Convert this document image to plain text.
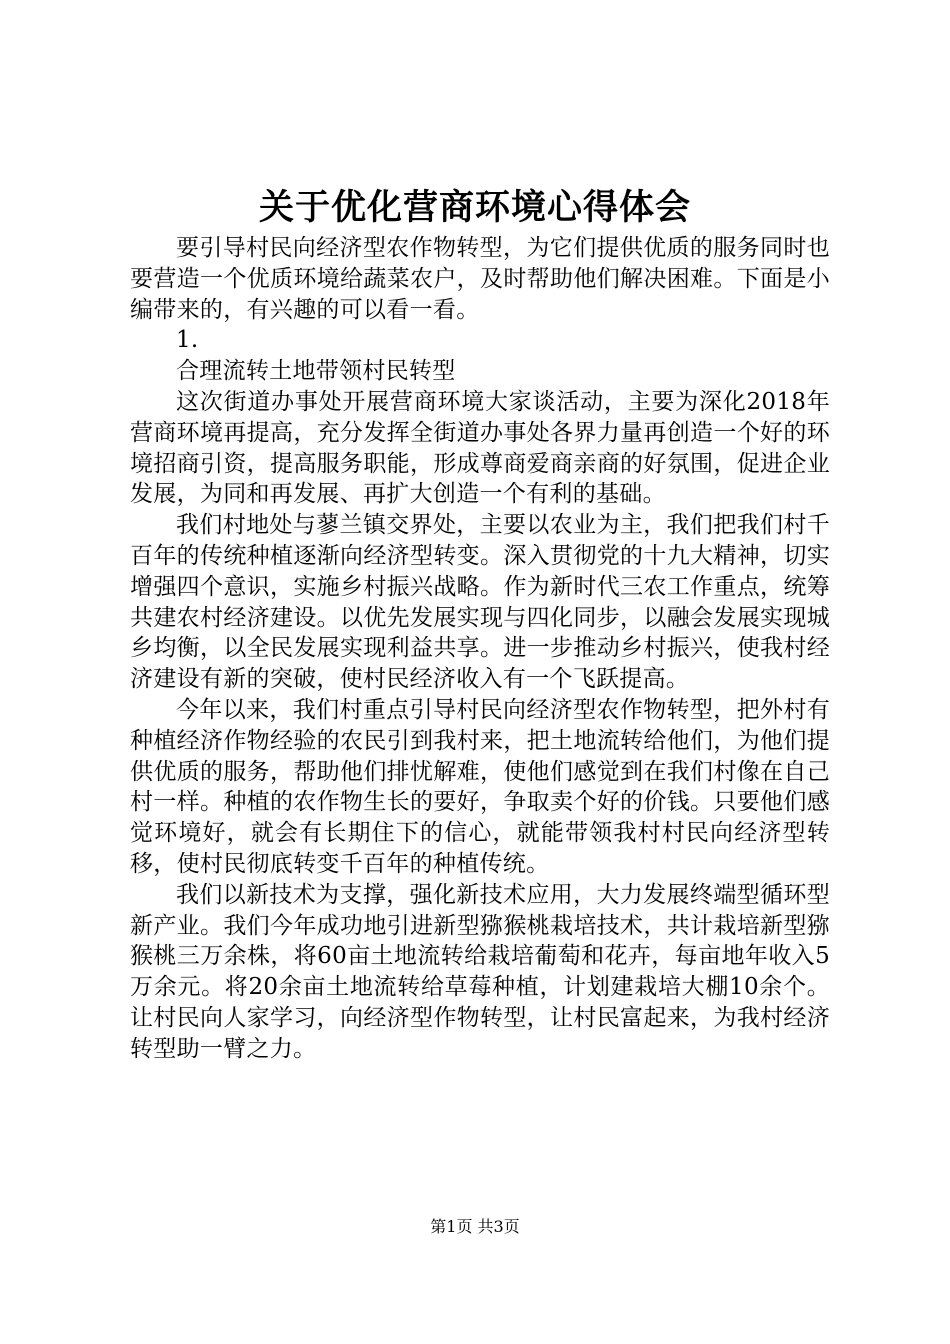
关于优化营商环境心得体会

要引导村民向经济型农作物转型，为它们提供优质的服务同时也要营造一个优质环境给蔬菜农户，及时帮助他们解决困难。下面是小编带来的，有兴趣的可以看一看。

1.

合理流转土地带领村民转型

这次街道办事处开展营商环境大家谈活动，主要为深化2018年营商环境再提高，充分发挥全街道办事处各界力量再创造一个好的环境招商引资，提高服务职能，形成尊商爱商亲商的好氛围，促进企业发展，为同和再发展、再扩大创造一个有利的基础。

我们村地处与蓼兰镇交界处，主要以农业为主，我们把我们村千百年的传统种植逐渐向经济型转变。深入贯彻党的十九大精神，切实增强四个意识，实施乡村振兴战略。作为新时代三农工作重点，统筹共建农村经济建设。以优先发展实现与四化同步，以融会发展实现城乡均衡，以全民发展实现利益共享。进一步推动乡村振兴，使我村经济建设有新的突破，使村民经济收入有一个飞跃提高。

今年以来，我们村重点引导村民向经济型农作物转型，把外村有种植经济作物经验的农民引到我村来，把土地流转给他们，为他们提供优质的服务，帮助他们排忧解难，使他们感觉到在我们村像在自己村一样。种植的农作物生长的要好，争取卖个好的价钱。只要他们感觉环境好，就会有长期住下的信心，就能带领我村村民向经济型转移，使村民彻底转变千百年的种植传统。

我们以新技术为支撑，强化新技术应用，大力发展终端型循环型新产业。我们今年成功地引进新型猕猴桃栽培技术，共计栽培新型猕猴桃三万余株，将60亩土地流转给栽培葡萄和花卉，每亩地年收入5万余元。将20余亩土地流转给草莓种植，计划建栽培大棚10余个。让村民向人家学习，向经济型作物转型，让村民富起来，为我村经济转型助一臂之力。

第1页 共3页
